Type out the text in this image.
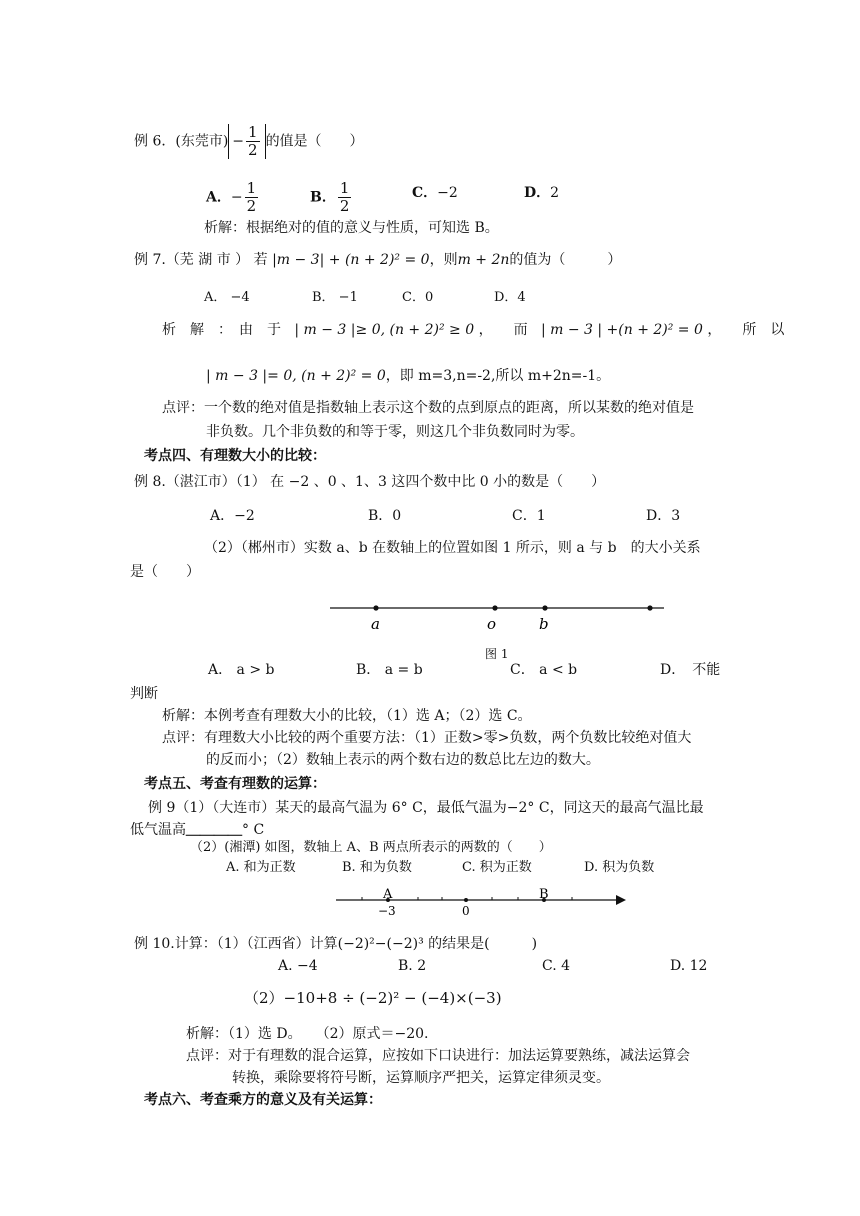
例 6．(东莞市) − $\frac{1}{2}$ 的值是（　　）
A．− $\frac{1}{2}$	B． $\frac{1}{2}$	C．−2	D．2
析解：根据绝对的值的意义与性质，可知选 B。
例 7.（芜 湖 市 ） 若 |m − 3| + (n + 2)² = 0，则m + 2n的值为（　　　）
A． −4	B． −1	C．0	D．4
析　解　：　由　于 | m − 3 |≥ 0, (n + 2)² ≥ 0 ，　　而 | m − 3 | +(n + 2)² = 0 ，　　所　以
| m − 3 |= 0, (n + 2)² = 0，即 m=3,n=-2,所以 m+2n=-1。
点评：一个数的绝对值是指数轴上表示这个数的点到原点的距离，所以某数的绝对值是
非负数。几个非负数的和等于零，则这几个非负数同时为零。
考点四、有理数大小的比较：
例 8.（湛江市）（1） 在 −2 、0 、1、3 这四个数中比 0 小的数是（　　）
A．−2	B．0	C．1	D．3
（2）（郴州市）实数 a、b 在数轴上的位置如图 1 所示，则 a 与 b　的大小关系
是（　　）
a	o	b
图 1
A． a > b	B． a = b	C． a < b	D．　不能
判断
析解：本例考查有理数大小的比较，（1）选 A；（2）选 C。
点评：有理数大小比较的两个重要方法：（1）正数>零>负数，两个负数比较绝对值大
的反而小；（2）数轴上表示的两个数右边的数总比左边的数大。
考点五、考查有理数的运算：
例 9（1）（大连市）某天的最高气温为 6° C，最低气温为−2° C，同这天的最高气温比最
低气温高＿＿＿＿° C
（2）(湘潭) 如图，数轴上 A、B 两点所表示的两数的（　　）
A. 和为正数	B. 和为负数	C. 积为正数	D. 积为负数
A	B
−3	0
例 10.计算：（1）（江西省）计算(−2)²−(−2)³ 的结果是(　　　)
A. −4	B. 2	C. 4	D. 12
（2）−10+8 ÷ (−2)² − (−4)×(−3)
析解：（1）选 D。　　（2）原式＝−20.
点评：对于有理数的混合运算，应按如下口诀进行：加法运算要熟练，减法运算会
转换，乘除要将符号断，运算顺序严把关，运算定律须灵变。
考点六、考查乘方的意义及有关运算：
